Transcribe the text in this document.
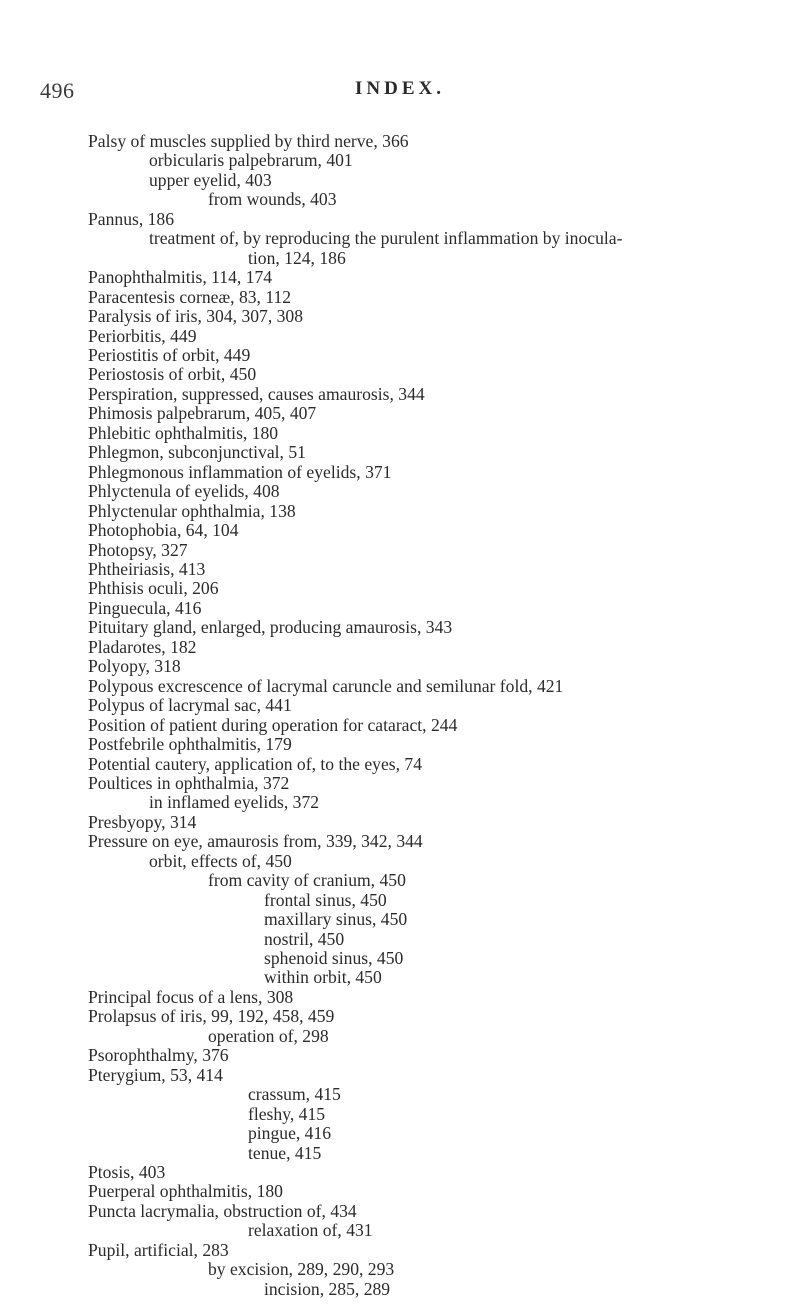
496	INDEX.
Palsy of muscles supplied by third nerve, 366
orbicularis palpebrarum, 401
upper eyelid, 403
from wounds, 403
Pannus, 186
treatment of, by reproducing the purulent inflammation by inocula-
tion, 124, 186
Panophthalmitis, 114, 174
Paracentesis corneæ, 83, 112
Paralysis of iris, 304, 307, 308
Periorbitis, 449
Periostitis of orbit, 449
Periostosis of orbit, 450
Perspiration, suppressed, causes amaurosis, 344
Phimosis palpebrarum, 405, 407
Phlebitic ophthalmitis, 180
Phlegmon, subconjunctival, 51
Phlegmonous inflammation of eyelids, 371
Phlyctenula of eyelids, 408
Phlyctenular ophthalmia, 138
Photophobia, 64, 104
Photopsy, 327
Phtheiriasis, 413
Phthisis oculi, 206
Pinguecula, 416
Pituitary gland, enlarged, producing amaurosis, 343
Pladarotes, 182
Polyopy, 318
Polypous excrescence of lacrymal caruncle and semilunar fold, 421
Polypus of lacrymal sac, 441
Position of patient during operation for cataract, 244
Postfebrile ophthalmitis, 179
Potential cautery, application of, to the eyes, 74
Poultices in ophthalmia, 372
in inflamed eyelids, 372
Presbyopy, 314
Pressure on eye, amaurosis from, 339, 342, 344
orbit, effects of, 450
from cavity of cranium, 450
frontal sinus, 450
maxillary sinus, 450
nostril, 450
sphenoid sinus, 450
within orbit, 450
Principal focus of a lens, 308
Prolapsus of iris, 99, 192, 458, 459
operation of, 298
Psorophthalmy, 376
Pterygium, 53, 414
crassum, 415
fleshy, 415
pingue, 416
tenue, 415
Ptosis, 403
Puerperal ophthalmitis, 180
Puncta lacrymalia, obstruction of, 434
relaxation of, 431
Pupil, artificial, 283
by excision, 289, 290, 293
incision, 285, 289
